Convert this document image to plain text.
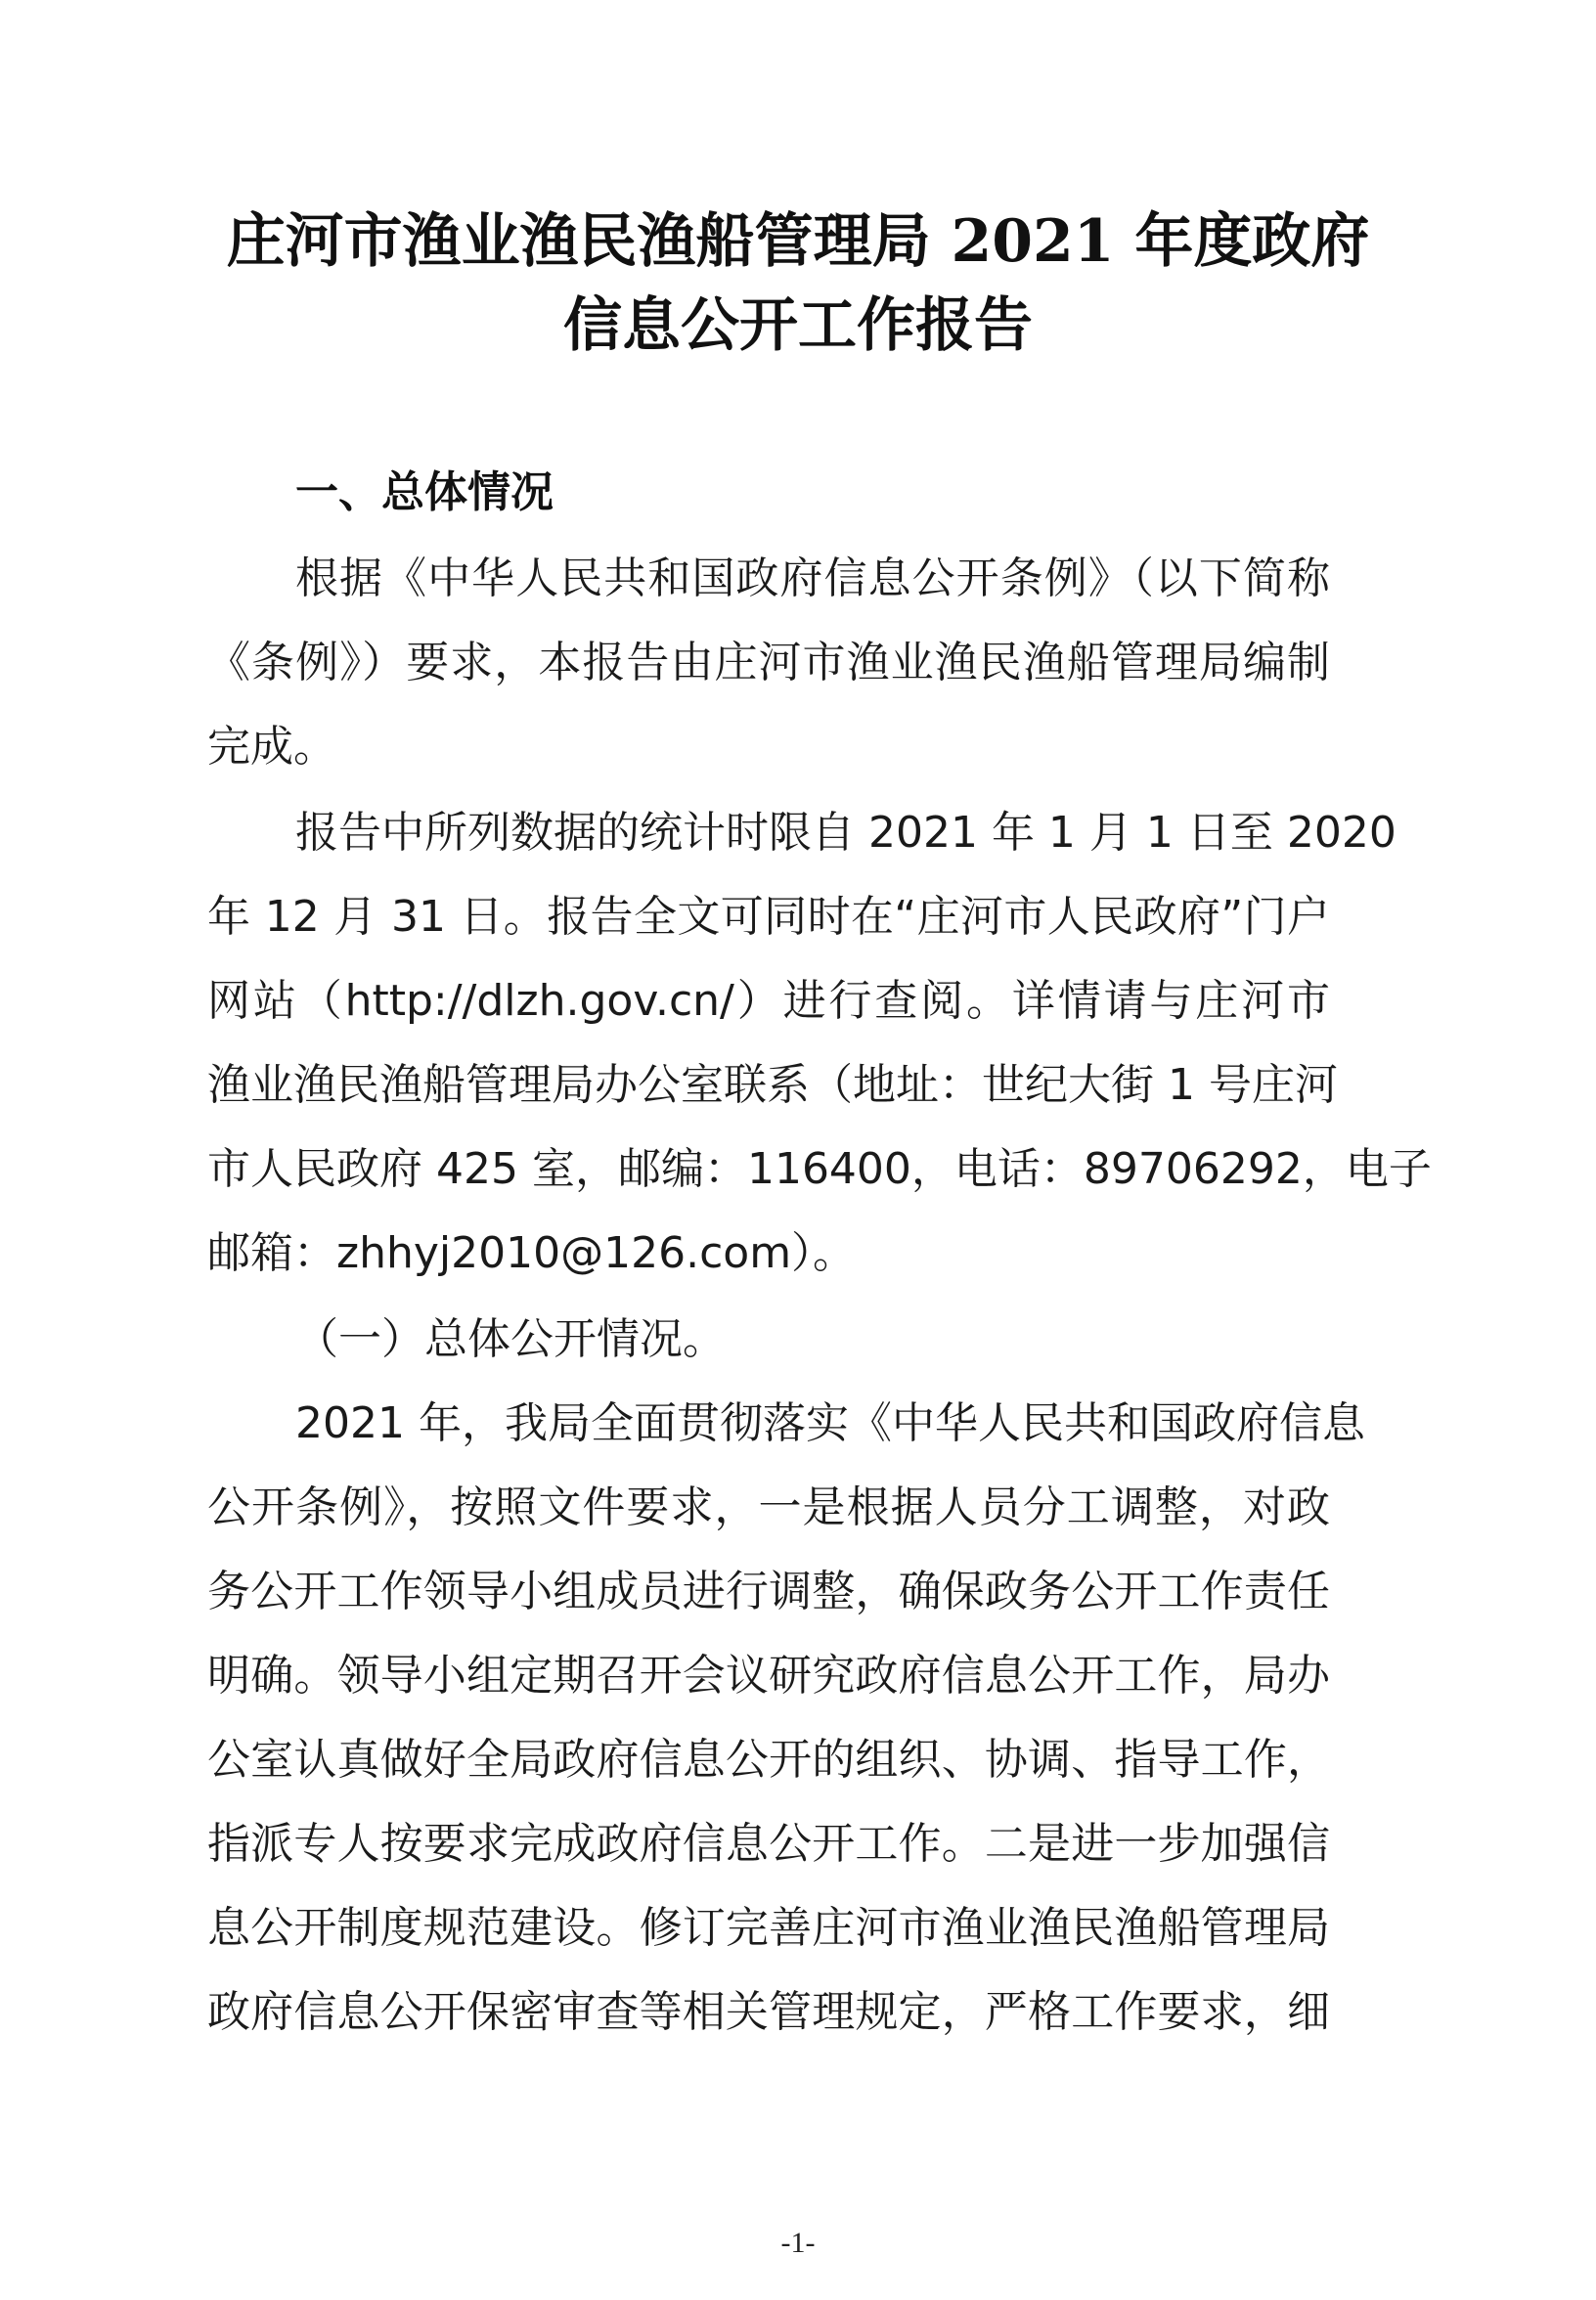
庄河市渔业渔民渔船管理局 2021 年度政府
信息公开工作报告
一、总体情况
根据《中华人民共和国政府信息公开条例》（以下简称
《条例》）要求，本报告由庄河市渔业渔民渔船管理局编制
完成。
报告中所列数据的统计时限自 2021 年 1 月 1 日至 2020
年 12 月 31 日。报告全文可同时在“庄河市人民政府”门户
网站（http://dlzh.gov.cn/）进行查阅。详情请与庄河市
渔业渔民渔船管理局办公室联系（地址：世纪大街 1 号庄河
市人民政府 425 室，邮编：116400，电话：89706292，电子
邮箱：zhhyj2010@126.com）。
（一）总体公开情况。
2021 年，我局全面贯彻落实《中华人民共和国政府信息
公开条例》，按照文件要求，一是根据人员分工调整，对政
务公开工作领导小组成员进行调整，确保政务公开工作责任
明确。领导小组定期召开会议研究政府信息公开工作，局办
公室认真做好全局政府信息公开的组织、协调、指导工作，
指派专人按要求完成政府信息公开工作。二是进一步加强信
息公开制度规范建设。修订完善庄河市渔业渔民渔船管理局
政府信息公开保密审查等相关管理规定，严格工作要求，细
-1-
